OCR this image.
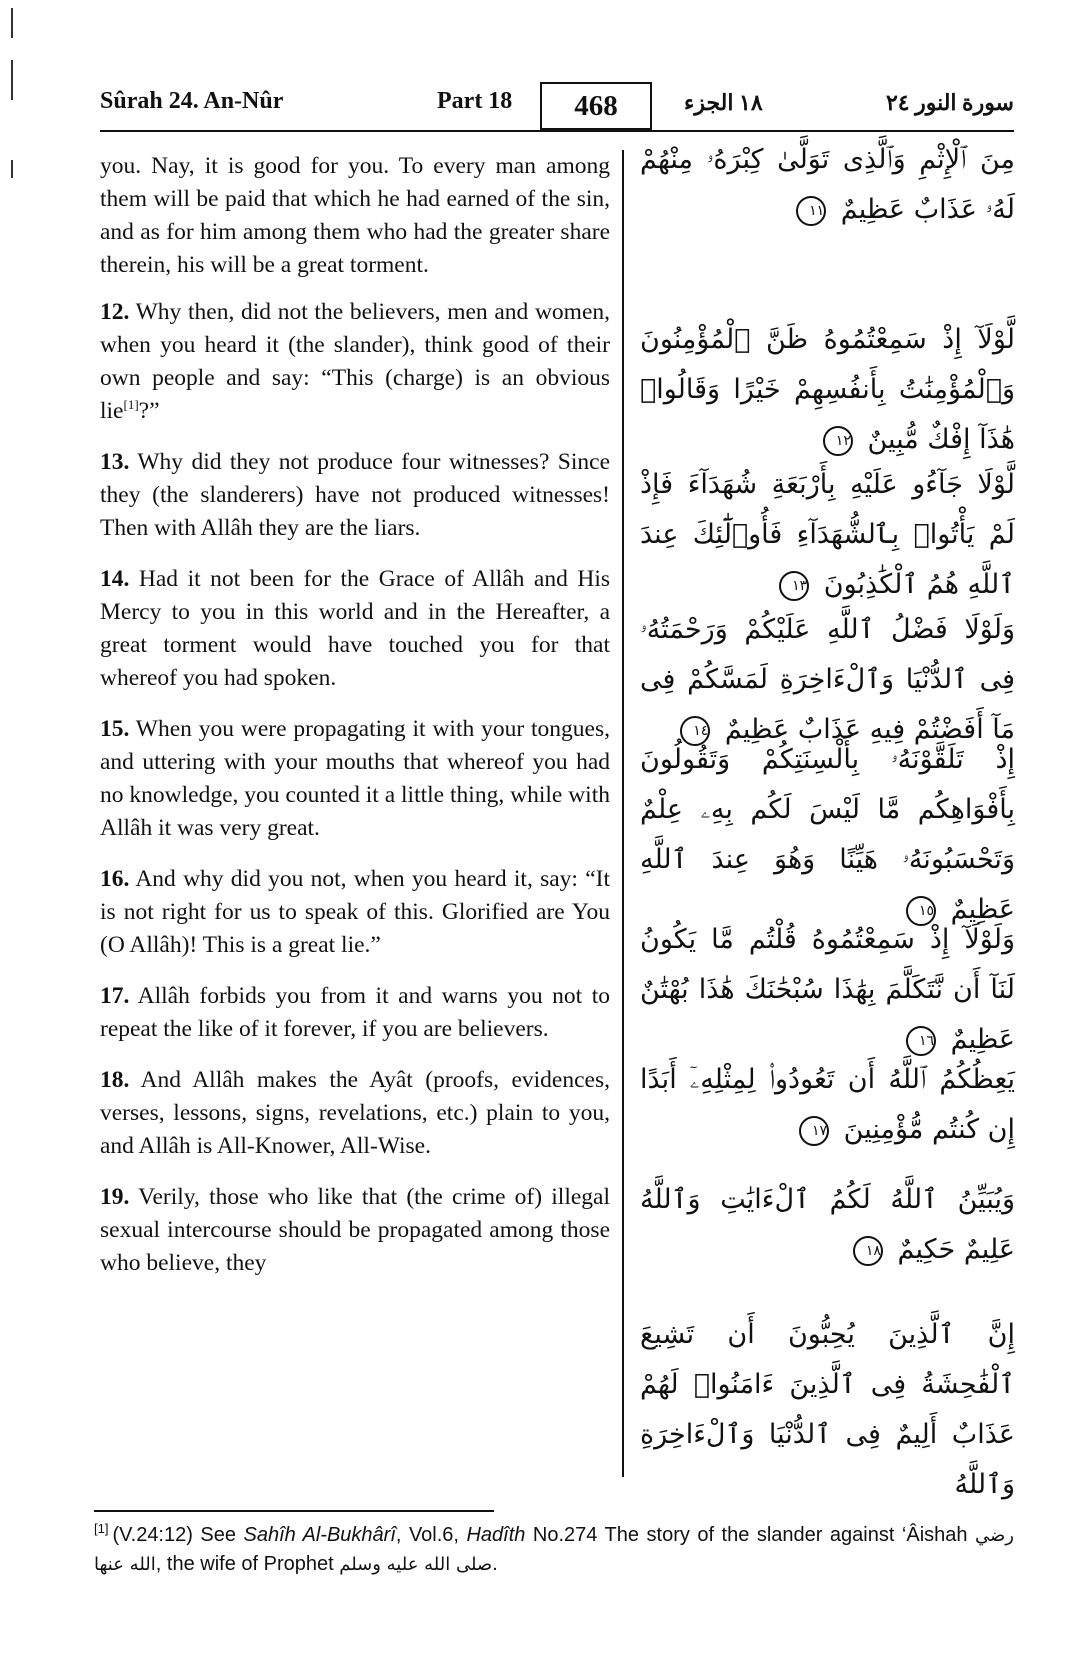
Sûrah 24. An-Nûr	Part 18	468	١٨ الجزء	سورة النور ٢٤

you. Nay, it is good for you. To every man among them will be paid that which he had earned of the sin, and as for him among them who had the greater share therein, his will be a great torment.

12. Why then, did not the believers, men and women, when you heard it (the slander), think good of their own people and say: “This (charge) is an obvious lie[1]?”

13. Why did they not produce four witnesses? Since they (the slanderers) have not produced witnesses! Then with Allâh they are the liars.

14. Had it not been for the Grace of Allâh and His Mercy to you in this world and in the Hereafter, a great torment would have touched you for that whereof you had spoken.

15. When you were propagating it with your tongues, and uttering with your mouths that whereof you had no knowledge, you counted it a little thing, while with Allâh it was very great.

16. And why did you not, when you heard it, say: “It is not right for us to speak of this. Glorified are You (O Allâh)! This is a great lie.”

17. Allâh forbids you from it and warns you not to repeat the like of it forever, if you are believers.

18. And Allâh makes the Ayât (proofs, evidences, verses, lessons, signs, revelations, etc.) plain to you, and Allâh is All-Knower, All-Wise.

19. Verily, those who like that (the crime of) illegal sexual intercourse should be propagated among those who believe, they

مِنَ ٱلْإِثْمِ وَٱلَّذِى تَوَلَّىٰ كِبْرَهُۥ مِنْهُمْ لَهُۥ عَذَابٌ عَظِيمٌ ١١
لَّوْلَآ إِذْ سَمِعْتُمُوهُ ظَنَّ ٱلْمُؤْمِنُونَ وَٱلْمُؤْمِنَٰتُ بِأَنفُسِهِمْ خَيْرًا وَقَالُوا۟ هَٰذَآ إِفْكٌ مُّبِينٌ ١٢
لَّوْلَا جَآءُو عَلَيْهِ بِأَرْبَعَةِ شُهَدَآءَ فَإِذْ لَمْ يَأْتُوا۟ بِٱلشُّهَدَآءِ فَأُو۟لَٰٓئِكَ عِندَ ٱللَّهِ هُمُ ٱلْكَٰذِبُونَ ١٣
وَلَوْلَا فَضْلُ ٱللَّهِ عَلَيْكُمْ وَرَحْمَتُهُۥ فِى ٱلدُّنْيَا وَٱلْءَاخِرَةِ لَمَسَّكُمْ فِى مَآ أَفَضْتُمْ فِيهِ عَذَابٌ عَظِيمٌ ١٤
إِذْ تَلَقَّوْنَهُۥ بِأَلْسِنَتِكُمْ وَتَقُولُونَ بِأَفْوَاهِكُم مَّا لَيْسَ لَكُم بِهِۦ عِلْمٌ وَتَحْسَبُونَهُۥ هَيِّنًا وَهُوَ عِندَ ٱللَّهِ عَظِيمٌ ١٥
وَلَوْلَآ إِذْ سَمِعْتُمُوهُ قُلْتُم مَّا يَكُونُ لَنَآ أَن نَّتَكَلَّمَ بِهَٰذَا سُبْحَٰنَكَ هَٰذَا بُهْتَٰنٌ عَظِيمٌ ١٦
يَعِظُكُمُ ٱللَّهُ أَن تَعُودُوا۟ لِمِثْلِهِۦٓ أَبَدًا إِن كُنتُم مُّؤْمِنِينَ ١٧
وَيُبَيِّنُ ٱللَّهُ لَكُمُ ٱلْءَايَٰتِ وَٱللَّهُ عَلِيمٌ حَكِيمٌ ١٨
إِنَّ ٱلَّذِينَ يُحِبُّونَ أَن تَشِيعَ ٱلْفَٰحِشَةُ فِى ٱلَّذِينَ ءَامَنُوا۟ لَهُمْ عَذَابٌ أَلِيمٌ فِى ٱلدُّنْيَا وَٱلْءَاخِرَةِ وَٱللَّهُ
[1] (V.24:12) See Sahîh Al-Bukhârî, Vol.6, Hadîth No.274 The story of the slander against ‘Âishah رضي الله عنها, the wife of Prophet صلى الله عليه وسلم.
